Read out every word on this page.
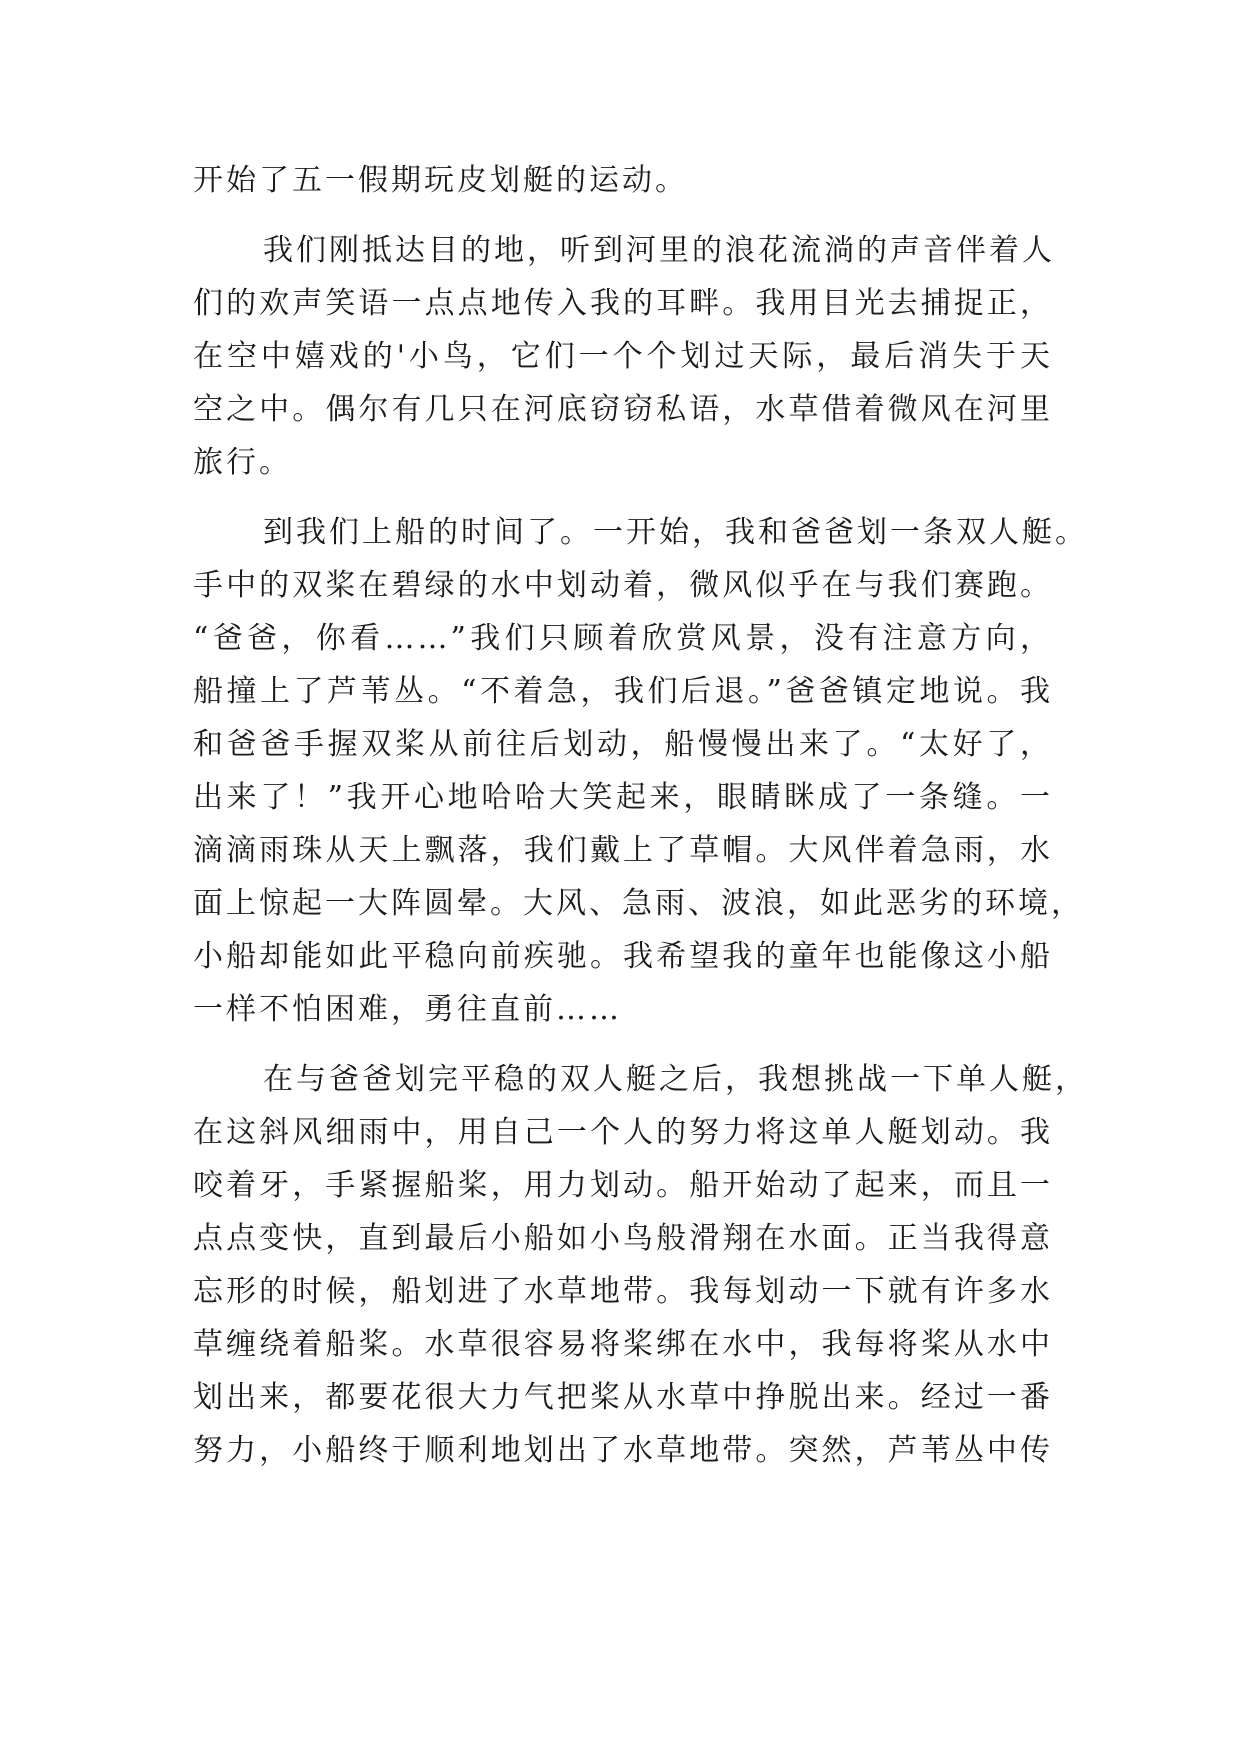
开始了五一假期玩皮划艇的运动。

我们刚抵达目的地，听到河里的浪花流淌的声音伴着人

们的欢声笑语一点点地传入我的耳畔。我用目光去捕捉正，

在空中嬉戏的'小鸟，它们一个个划过天际，最后消失于天

空之中。偶尔有几只在河底窃窃私语，水草借着微风在河里

旅行。

到我们上船的时间了。一开始，我和爸爸划一条双人艇。

手中的双桨在碧绿的水中划动着，微风似乎在与我们赛跑。

“爸爸，你看……”我们只顾着欣赏风景，没有注意方向，

船撞上了芦苇丛。“不着急，我们后退。”爸爸镇定地说。我

和爸爸手握双桨从前往后划动，船慢慢出来了。“太好了，

出来了！”我开心地哈哈大笑起来，眼睛眯成了一条缝。一

滴滴雨珠从天上飘落，我们戴上了草帽。大风伴着急雨，水

面上惊起一大阵圆晕。大风、急雨、波浪，如此恶劣的环境，

小船却能如此平稳向前疾驰。我希望我的童年也能像这小船

一样不怕困难，勇往直前……

在与爸爸划完平稳的双人艇之后，我想挑战一下单人艇，

在这斜风细雨中，用自己一个人的努力将这单人艇划动。我

咬着牙，手紧握船桨，用力划动。船开始动了起来，而且一

点点变快，直到最后小船如小鸟般滑翔在水面。正当我得意

忘形的时候，船划进了水草地带。我每划动一下就有许多水

草缠绕着船桨。水草很容易将桨绑在水中，我每将桨从水中

划出来，都要花很大力气把桨从水草中挣脱出来。经过一番

努力，小船终于顺利地划出了水草地带。突然，芦苇丛中传
